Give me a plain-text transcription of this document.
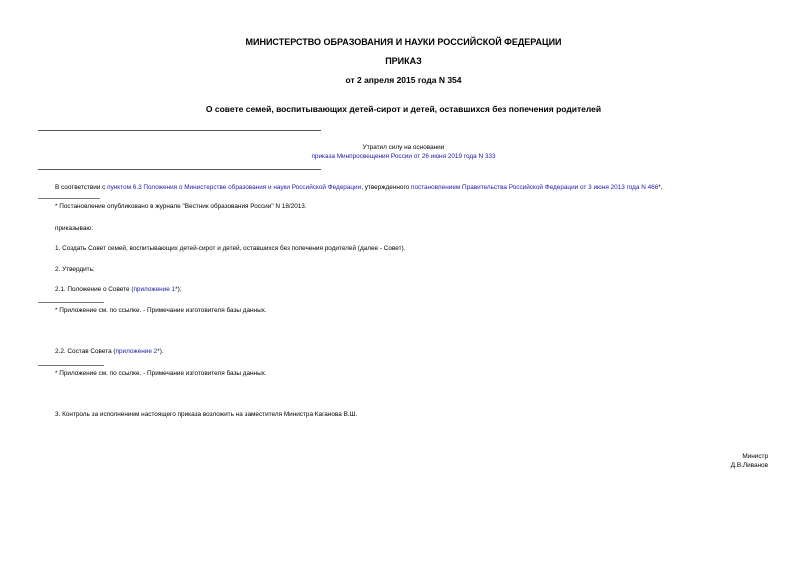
МИНИСТЕРСТВО ОБРАЗОВАНИЯ И НАУКИ РОССИЙСКОЙ ФЕДЕРАЦИИ
ПРИКАЗ
от 2 апреля 2015 года N 354
О совете семей, воспитывающих детей-сирот и детей, оставшихся без попечения родителей
Утратил силу на основании
приказа Минпросвещения России от 26 июня 2019 года N 333
В соответствии с пунктом 6.3 Положения о Министерстве образования и науки Российской Федерации, утвержденного постановлением Правительства Российской Федерации от 3 июня 2013 года N 466*,
* Постановление опубликовано в журнале "Вестник образования России" N 18/2013.
приказываю:
1. Создать Совет семей, воспитывающих детей-сирот и детей, оставшихся без попечения родителей (далее - Совет).
2. Утвердить:
2.1. Положение о Совете (приложение 1*);
* Приложение см. по ссылке. - Примечание изготовителя базы данных.
2.2. Состав Совета (приложение 2*).
* Приложение см. по ссылке. - Примечание изготовителя базы данных.
3. Контроль за исполнением настоящего приказа возложить на заместителя Министра Каганова В.Ш.
Министр
Д.В.Ливанов
